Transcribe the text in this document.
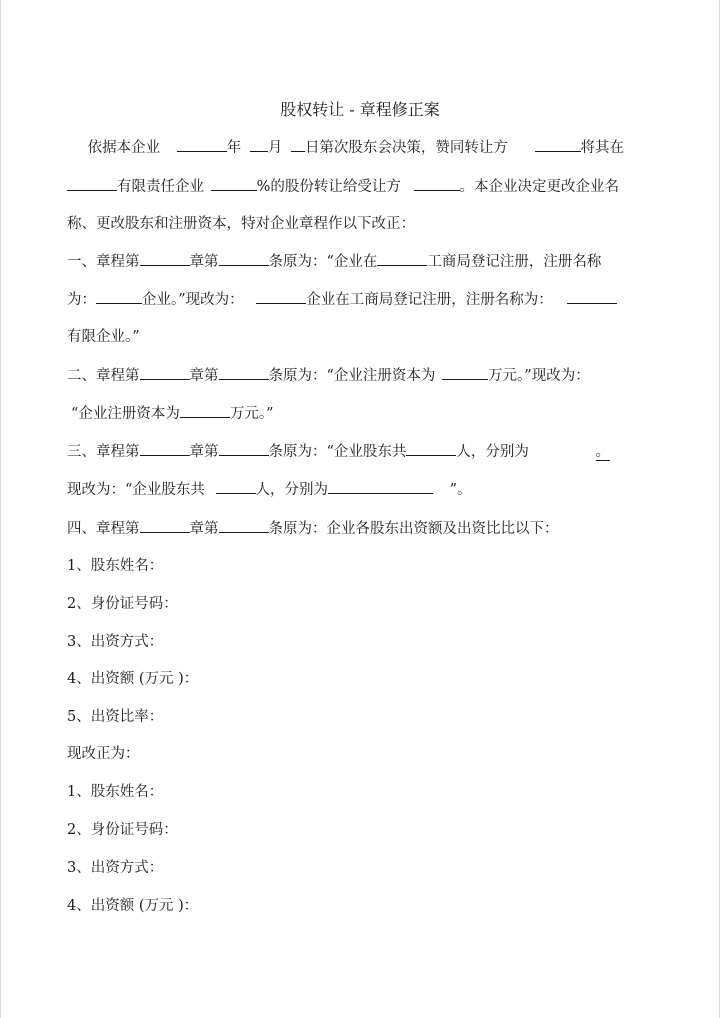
股权转让 - 章程修正案
依据本企业	年 月 日第次股东会决策，赞同转让方	将其在
有限责任企业	%的股份转让给受让方	。本企业决定更改企业名
称、更改股东和注册资本，特对企业章程作以下改正：
一、章程第	章第	条原为：“企业在	工商局登记注册，注册名称
为：	企业。”现改为：	企业在工商局登记注册，注册名称为：
有限企业。”
二、章程第	章第	条原为：“企业注册资本为	万元。”现改为：
“企业注册资本为	万元。”
三、章程第	章第	条原为：“企业股东共	人，分别为	。
现改为：“企业股东共	人，分别为	”。
四、章程第	章第	条原为：企业各股东出资额及出资比比以下：
1、股东姓名：
2、身份证号码：
3、出资方式：
4、出资额 (万元 )：
5、出资比率：
现改正为：
1、股东姓名：
2、身份证号码：
3、出资方式：
4、出资额 (万元 )：
